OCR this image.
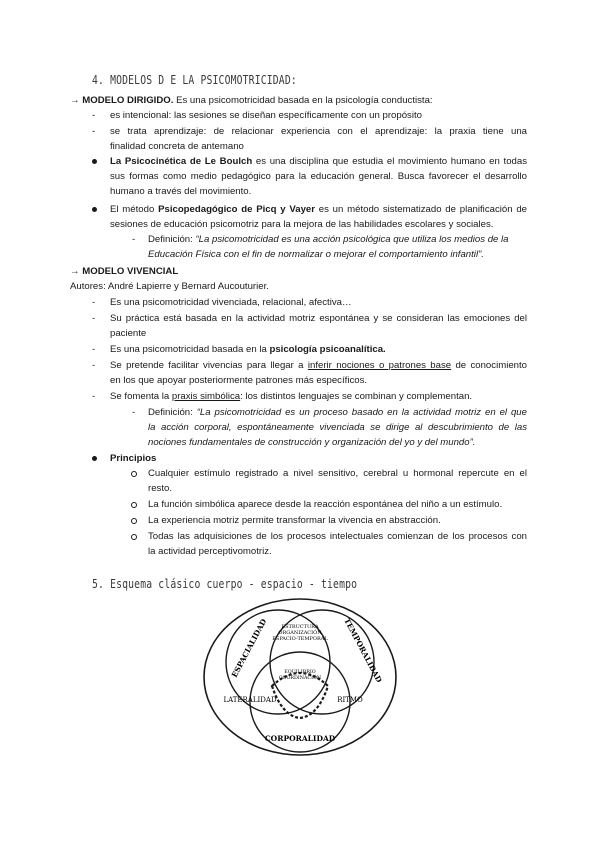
4. MODELOS D E LA PSICOMOTRICIDAD:
→ MODELO DIRIGIDO. Es una psicomotricidad basada en la psicología conductista:
- es intencional: las sesiones se diseñan específicamente con un propósito
- se trata aprendizaje: de relacionar experiencia con el aprendizaje: la praxia tiene una
finalidad concreta de antemano
La Psicocinética de Le Boulch es una disciplina que estudia el movimiento humano en todas
sus formas como medio pedagógico para la educación general. Busca favorecer el desarrollo
humano a través del movimiento.
El método Psicopedagógico de Picq y Vayer es un método sistematizado de planificación de
sesiones de educación psicomotriz para la mejora de las habilidades escolares y sociales.
- Definición: “La psicomotricidad es una acción psicológica que utiliza los medios de la
Educación Física con el fin de normalizar o mejorar el comportamiento infantil”.
→ MODELO VIVENCIAL
Autores: André Lapierre y Bernard Aucouturier.
- Es una psicomotricidad vivenciada, relacional, afectiva…
- Su práctica está basada en la actividad motriz espontánea y se consideran las emociones del
paciente
- Es una psicomotricidad basada en la psicología psicoanalítica.
- Se pretende facilitar vivencias para llegar a inferir nociones o patrones base de conocimiento
en los que apoyar posteriormente patrones más específicos.
- Se fomenta la praxis simbólica: los distintos lenguajes se combinan y complementan.
- Definición: “La psicomotricidad es un proceso basado en la actividad motriz en el que
la acción corporal, espontáneamente vivenciada se dirige al descubrimiento de las
nociones fundamentales de construcción y organización del yo y del mundo”.
Principios
Cualquier estímulo registrado a nivel sensitivo, cerebral u hormonal repercute en el
resto.
La función simbólica aparece desde la reacción espontánea del niño a un estímulo.
La experiencia motriz permite transformar la vivencia en abstracción.
Todas las adquisiciones de los procesos intelectuales comienzan de los procesos con
la actividad perceptivomotriz.
5. Esquema clásico cuerpo - espacio - tiempo
ESPACIALIDAD	TEMPORALIDAD
CORPORALIDAD
LATERALIDAD	RITMO
ESTRUCTURA
ORGANIZACIÓN
ESPACIO-TEMPORAL
EQUILIBRIO
COORDINACIÓN
